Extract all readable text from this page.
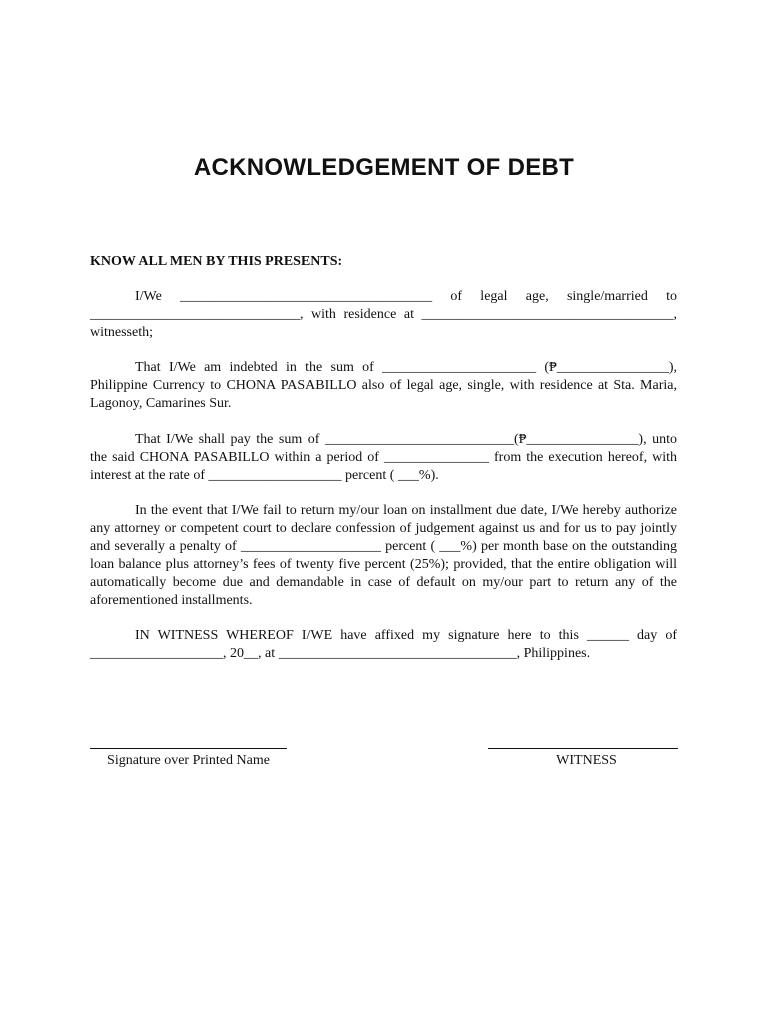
ACKNOWLEDGEMENT OF DEBT
KNOW ALL MEN BY THIS PRESENTS:
I/We ____________________________________ of legal age, single/married to ______________________________, with residence at ____________________________________, witnesseth;
That I/We am indebted in the sum of ______________________ (₱________________), Philippine Currency to CHONA PASABILLO also of legal age, single, with residence at Sta. Maria, Lagonoy, Camarines Sur.
That I/We shall pay the sum of ___________________________(₱________________), unto the said CHONA PASABILLO within a period of _______________ from the execution hereof, with interest at the rate of ___________________ percent ( ___%).
In the event that I/We fail to return my/our loan on installment due date, I/We hereby authorize any attorney or competent court to declare confession of judgement against us and for us to pay jointly and severally a penalty of ____________________ percent ( ___%) per month base on the outstanding loan balance plus attorney’s fees of twenty five percent (25%); provided, that the entire obligation will automatically become due and demandable in case of default on my/our part to return any of the aforementioned installments.
IN WITNESS WHEREOF I/WE have affixed my signature here to this ______ day of ___________________, 20__, at __________________________________, Philippines.
Signature over Printed Name	WITNESS
